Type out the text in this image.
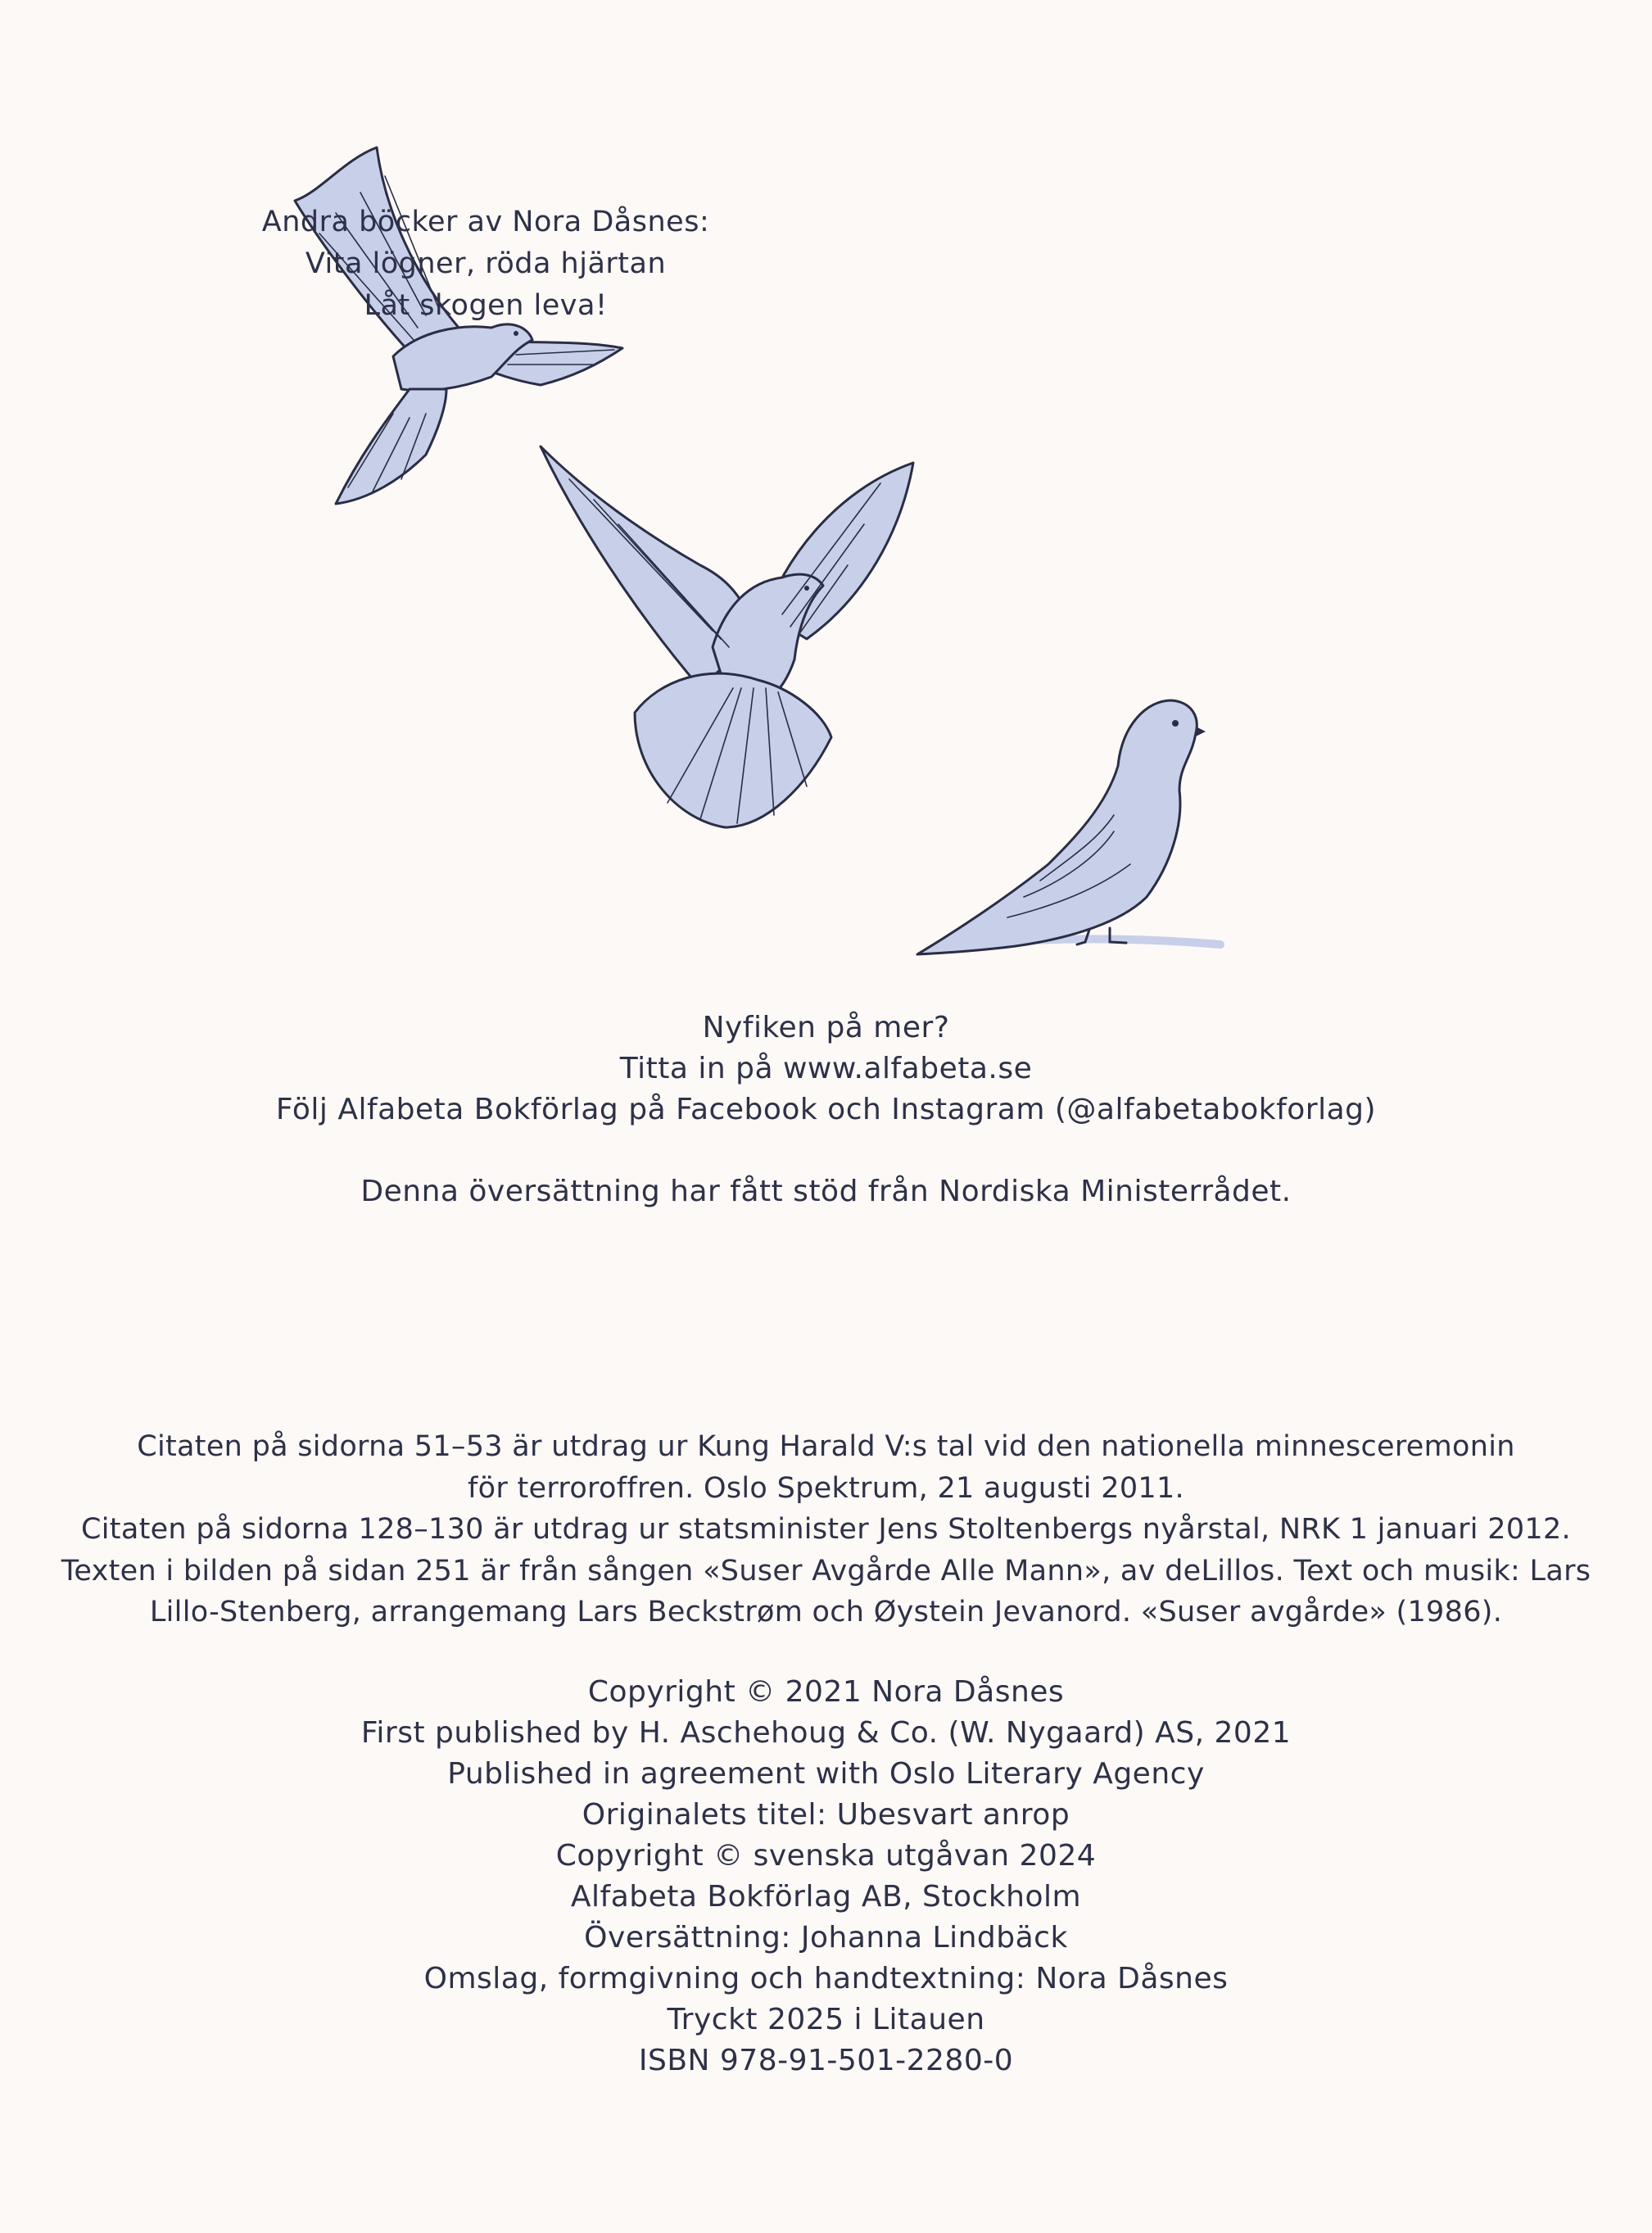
Andra böcker av Nora Dåsnes:

Vita lögner, röda hjärtan

Låt skogen leva!

Nyfiken på mer?

Titta in på www.alfabeta.se

Följ Alfabeta Bokförlag på Facebook och Instagram (@alfabetabokforlag)

Denna översättning har fått stöd från Nordiska Ministerrådet.

Citaten på sidorna 51–53 är utdrag ur Kung Harald V:s tal vid den nationella minnesceremonin

för terroroffren. Oslo Spektrum, 21 augusti 2011.

Citaten på sidorna 128–130 är utdrag ur statsminister Jens Stoltenbergs nyårstal, NRK 1 januari 2012.

Texten i bilden på sidan 251 är från sången «Suser Avgårde Alle Mann», av deLillos. Text och musik: Lars

Lillo-Stenberg, arrangemang Lars Beckstrøm och Øystein Jevanord. «Suser avgårde» (1986).

Copyright © 2021 Nora Dåsnes

First published by H. Aschehoug & Co. (W. Nygaard) AS, 2021

Published in agreement with Oslo Literary Agency

Originalets titel: Ubesvart anrop

Copyright © svenska utgåvan 2024

Alfabeta Bokförlag AB, Stockholm

Översättning: Johanna Lindbäck

Omslag, formgivning och handtextning: Nora Dåsnes

Tryckt 2025 i Litauen

ISBN 978-91-501-2280-0
